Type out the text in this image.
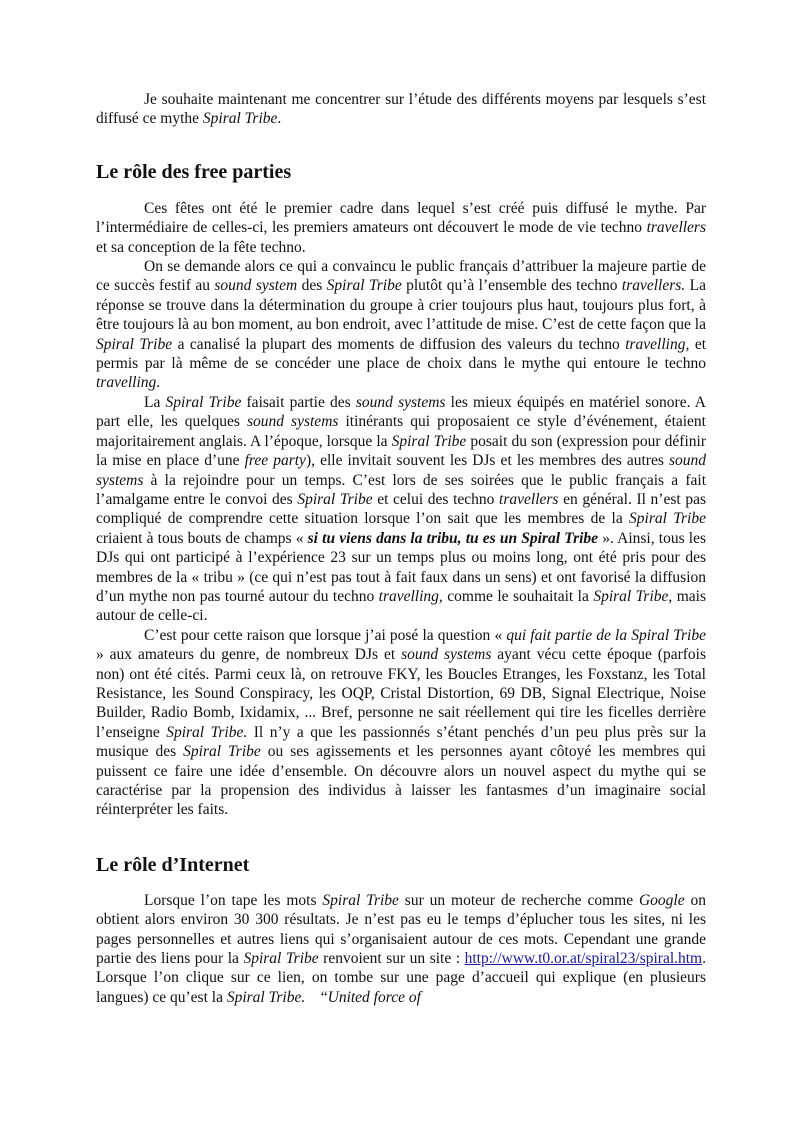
Je souhaite maintenant me concentrer sur l’étude des différents moyens par lesquels s’est diffusé ce mythe Spiral Tribe.

Le rôle des free parties

Ces fêtes ont été le premier cadre dans lequel s’est créé puis diffusé le mythe. Par l’intermédiaire de celles-ci, les premiers amateurs ont découvert le mode de vie techno travellers et sa conception de la fête techno.

On se demande alors ce qui a convaincu le public français d’attribuer la majeure partie de ce succès festif au sound system des Spiral Tribe plutôt qu’à l’ensemble des techno travellers. La réponse se trouve dans la détermination du groupe à crier toujours plus haut, toujours plus fort, à être toujours là au bon moment, au bon endroit, avec l’attitude de mise. C’est de cette façon que la Spiral Tribe a canalisé la plupart des moments de diffusion des valeurs du techno travelling, et permis par là même de se concéder une place de choix dans le mythe qui entoure le techno travelling.

La Spiral Tribe faisait partie des sound systems les mieux équipés en matériel sonore. A part elle, les quelques sound systems itinérants qui proposaient ce style d’événement, étaient majoritairement anglais. A l’époque, lorsque la Spiral Tribe posait du son (expression pour définir la mise en place d’une free party), elle invitait souvent les DJs et les membres des autres sound systems à la rejoindre pour un temps. C’est lors de ses soirées que le public français a fait l’amalgame entre le convoi des Spiral Tribe et celui des techno travellers en général. Il n’est pas compliqué de comprendre cette situation lorsque l’on sait que les membres de la Spiral Tribe criaient à tous bouts de champs « si tu viens dans la tribu, tu es un Spiral Tribe ». Ainsi, tous les DJs qui ont participé à l’expérience 23 sur un temps plus ou moins long, ont été pris pour des membres de la « tribu » (ce qui n’est pas tout à fait faux dans un sens) et ont favorisé la diffusion d’un mythe non pas tourné autour du techno travelling, comme le souhaitait la Spiral Tribe, mais autour de celle-ci.

C’est pour cette raison que lorsque j’ai posé la question « qui fait partie de la Spiral Tribe » aux amateurs du genre, de nombreux DJs et sound systems ayant vécu cette époque (parfois non) ont été cités. Parmi ceux là, on retrouve FKY, les Boucles Etranges, les Foxstanz, les Total Resistance, les Sound Conspiracy, les OQP, Cristal Distortion, 69 DB, Signal Electrique, Noise Builder, Radio Bomb, Ixidamix, ... Bref, personne ne sait réellement qui tire les ficelles derrière l’enseigne Spiral Tribe. Il n’y a que les passionnés s’étant penchés d’un peu plus près sur la musique des Spiral Tribe ou ses agissements et les personnes ayant côtoyé les membres qui puissent ce faire une idée d’ensemble. On découvre alors un nouvel aspect du mythe qui se caractérise par la propension des individus à laisser les fantasmes d’un imaginaire social réinterpréter les faits.

Le rôle d’Internet

Lorsque l’on tape les mots Spiral Tribe sur un moteur de recherche comme Google on obtient alors environ 30 300 résultats. Je n’est pas eu le temps d’éplucher tous les sites, ni les pages personnelles et autres liens qui s’organisaient autour de ces mots. Cependant une grande partie des liens pour la Spiral Tribe renvoient sur un site : http://www.t0.or.at/spiral23/spiral.htm. Lorsque l’on clique sur ce lien, on tombe sur une page d’accueil qui explique (en plusieurs langues) ce qu’est la Spiral Tribe.    “United force of
